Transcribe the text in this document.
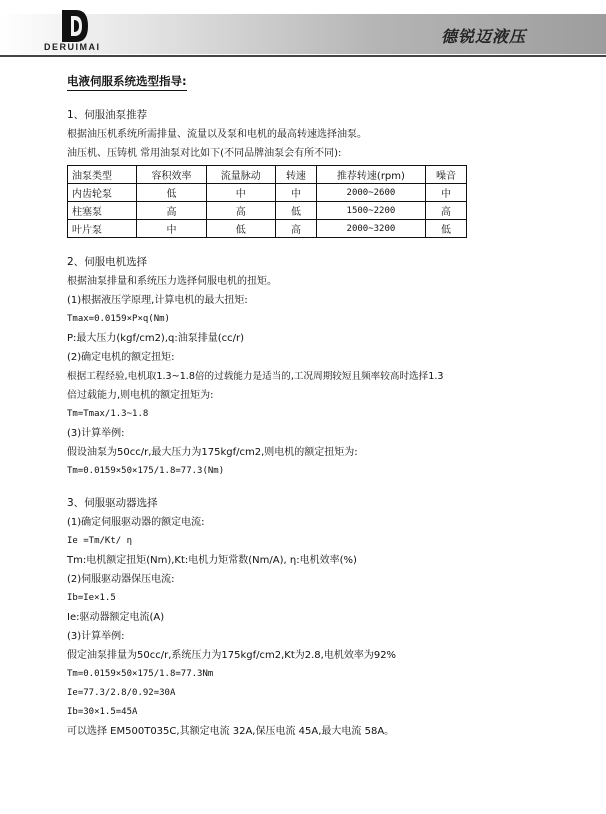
DERUIMAI
德锐迈液压

电液伺服系统选型指导:

1、伺服油泵推荐

根据油压机系统所需排量、流量以及泵和电机的最高转速选择油泵。

油压机、压铸机 常用油泵对比如下(不同品牌油泵会有所不同):

油泵类型	容积效率	流量脉动	转速	推荐转速(rpm)	噪音
内齿轮泵	低	中	中	2000~2600	中
柱塞泵	高	高	低	1500~2200	高
叶片泵	中	低	高	2000~3200	低

2、伺服电机选择

根据油泵排量和系统压力选择伺服电机的扭矩。

(1)根据液压学原理,计算电机的最大扭矩:

Tmax=0.0159×P×q(Nm)

P:最大压力(kgf/cm2),q:油泵排量(cc/r)

(2)确定电机的额定扭矩:

根据工程经验,电机取1.3~1.8倍的过载能力是适当的,工况周期较短且频率较高时选择1.3

倍过载能力,则电机的额定扭矩为:

Tm=Tmax/1.3~1.8

(3)计算举例:

假设油泵为50cc/r,最大压力为175kgf/cm2,则电机的额定扭矩为:

Tm=0.0159×50×175/1.8=77.3(Nm)

3、伺服驱动器选择

(1)确定伺服驱动器的额定电流:

Ie =Tm/Kt/ η

Tm:电机额定扭矩(Nm),Kt:电机力矩常数(Nm/A), η:电机效率(%)

(2)伺服驱动器保压电流:

Ib=Ie×1.5

Ie:驱动器额定电流(A)

(3)计算举例:

假定油泵排量为50cc/r,系统压力为175kgf/cm2,Kt为2.8,电机效率为92%

Tm=0.0159×50×175/1.8=77.3Nm

Ie=77.3/2.8/0.92=30A

Ib=30×1.5=45A

可以选择 EM500T035C,其额定电流 32A,保压电流 45A,最大电流 58A。
